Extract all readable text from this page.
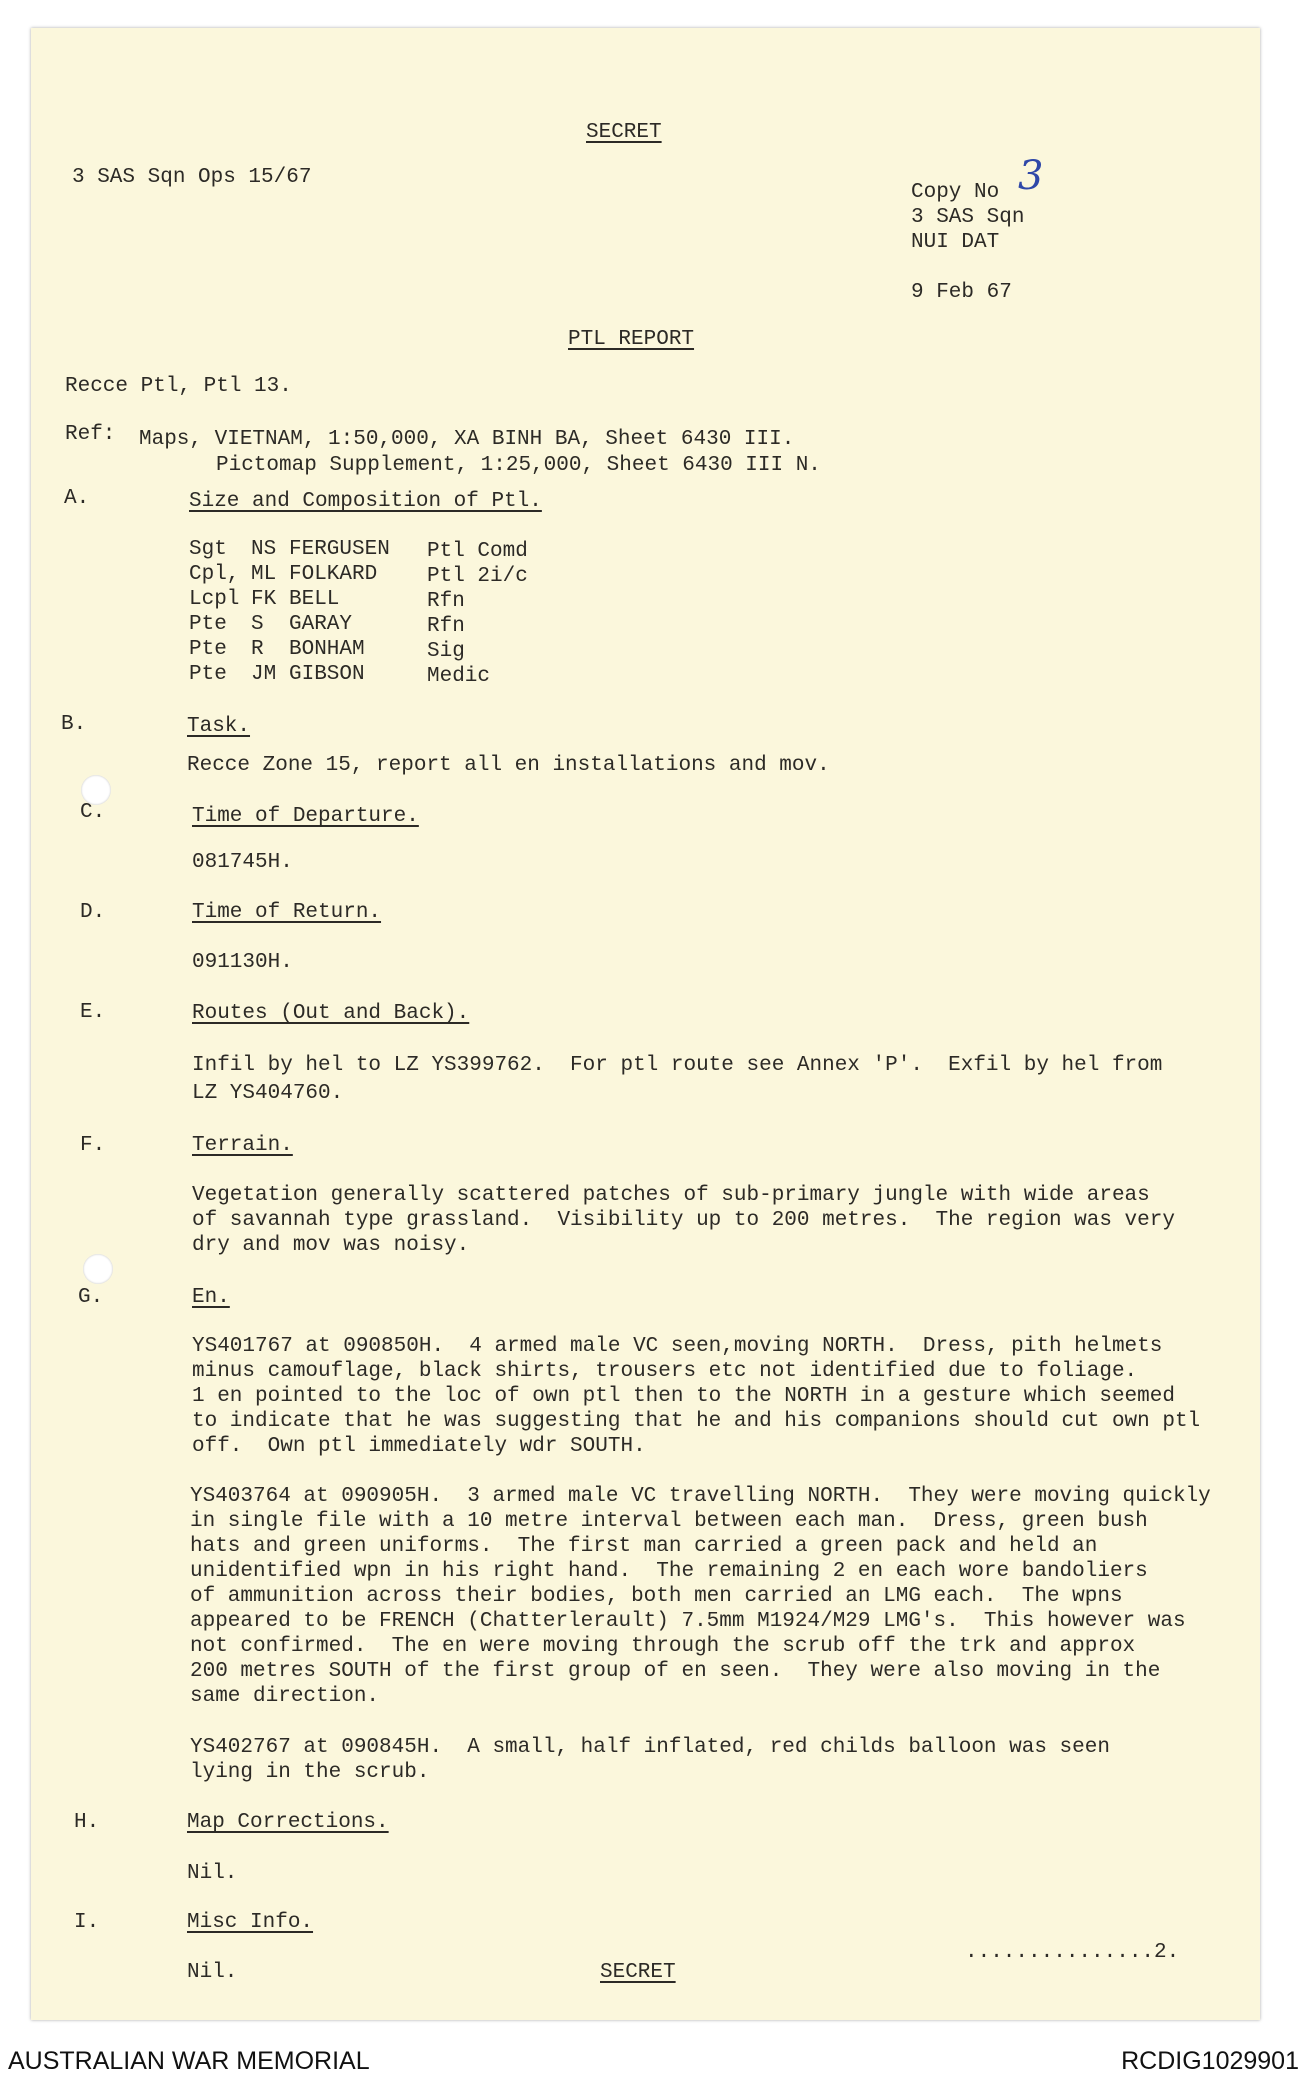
SECRET
3 SAS Sqn Ops 15/67
Copy No 3
3 SAS Sqn
NUI DAT
9 Feb 67
PTL REPORT
Recce Ptl, Ptl 13.
Ref: Maps, VIETNAM, 1:50,000, XA BINH BA, Sheet 6430 III.
Pictomap Supplement, 1:25,000, Sheet 6430 III N.
A.	Size and Composition of Ptl.
Sgt NS FERGUSEN Ptl Comd
Cpl, ML FOLKARD Ptl 2i/c
Lcpl FK BELL	Rfn
Pte S GARAY	Rfn
Pte R BONHAM	Sig
Pte JM GIBSON	Medic
B.	Task.
Recce Zone 15, report all en installations and mov.
C.	Time of Departure.
081745H.
D.	Time of Return.
091130H.
E.	Routes (Out and Back).
Infil by hel to LZ YS399762.  For ptl route see Annex 'P'.  Exfil by hel from
LZ YS404760.
F.	Terrain.
Vegetation generally scattered patches of sub-primary jungle with wide areas
of savannah type grassland.  Visibility up to 200 metres.  The region was very
dry and mov was noisy.
G.	En.
YS401767 at 090850H.  4 armed male VC seen,moving NORTH.  Dress, pith helmets
minus camouflage, black shirts, trousers etc not identified due to foliage.
1 en pointed to the loc of own ptl then to the NORTH in a gesture which seemed
to indicate that he was suggesting that he and his companions should cut own ptl
off.  Own ptl immediately wdr SOUTH.
YS403764 at 090905H.  3 armed male VC travelling NORTH.  They were moving quickly
in single file with a 10 metre interval between each man.  Dress, green bush
hats and green uniforms.  The first man carried a green pack and held an
unidentified wpn in his right hand.  The remaining 2 en each wore bandoliers
of ammunition across their bodies, both men carried an LMG each.  The wpns
appeared to be FRENCH (Chatterlerault) 7.5mm M1924/M29 LMG's.  This however was
not confirmed.  The en were moving through the scrub off the trk and approx
200 metres SOUTH of the first group of en seen.  They were also moving in the
same direction.
YS402767 at 090845H.  A small, half inflated, red childs balloon was seen
lying in the scrub.
H.	Map Corrections.
Nil.
I.	Misc Info.
Nil.	SECRET
...............2.
AUSTRALIAN WAR MEMORIAL	RCDIG1029901
